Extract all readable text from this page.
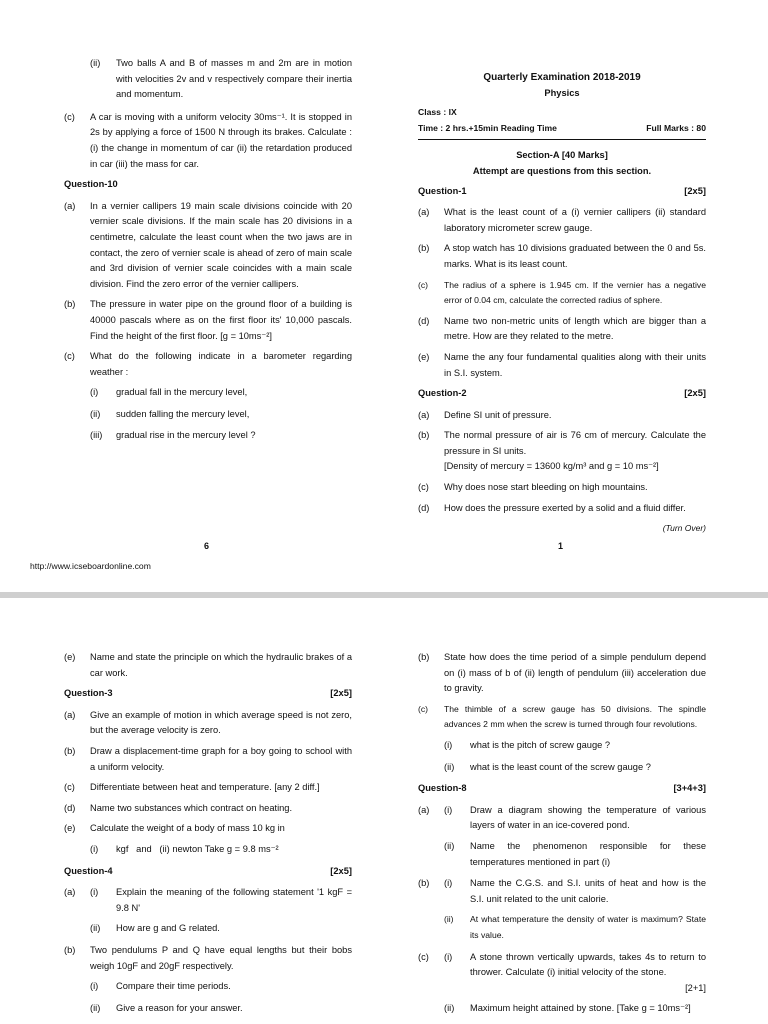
(ii)	Two balls A and B of masses m and 2m are in motion with velocities 2v and v respectively compare their inertia and momentum.
(c)	A car is moving with a uniform velocity 30ms⁻¹. It is stopped in 2s by applying a force of 1500 N through its brakes. Calculate : (i) the change in momentum of car (ii) the retardation produced in car (iii) the mass for car.
Question-10
(a)	In a vernier callipers 19 main scale divisions coincide with 20 vernier scale divisions. If the main scale has 20 divisions in a centimetre, calculate the least count when the two jaws are in contact, the zero of vernier scale is ahead of zero of main scale and 3rd division of vernier scale coincides with a main scale division. Find the zero error of the vernier callipers.
(b)	The pressure in water pipe on the ground floor of a building is 40000 pascals where as on the first floor its' 10,000 pascals. Find the height of the first floor. [g = 10ms⁻²]
(c)	What do the following indicate in a barometer regarding weather :
(i)	gradual fall in the mercury level,
(ii)	sudden falling the mercury level,
(iii)	gradual rise in the mercury level ?
6
http://www.icseboardonline.com
Quarterly Examination 2018-2019
Physics
Class : IX
Time : 2 hrs.+15min Reading Time	Full Marks : 80
Section-A [40 Marks]
Attempt are questions from this section.
Question-1	[2x5]
(a)	What is the least count of a (i) vernier callipers (ii) standard laboratory micrometer screw gauge.
(b)	A stop watch has 10 divisions graduated between the 0 and 5s. marks. What is its least count.
(c)	The radius of a sphere is 1.945 cm. If the vernier has a negative error of 0.04 cm, calculate the corrected radius of sphere.
(d)	Name two non-metric units of length which are bigger than a metre. How are they related to the metre.
(e)	Name the any four fundamental qualities along with their units in S.I. system.
Question-2	[2x5]
(a)	Define SI unit of pressure.
(b)	The normal pressure of air is 76 cm of mercury. Calculate the pressure in SI units.
[Density of mercury = 13600 kg/m³ and g = 10 ms⁻²]
(c)	Why does nose start bleeding on high mountains.
(d)	How does the pressure exerted by a solid and a fluid differ.
(Turn Over)
1
(e)	Name and state the principle on which the hydraulic brakes of a car work.
Question-3	[2x5]
(a)	Give an example of motion in which average speed is not zero, but the average velocity is zero.
(b)	Draw a displacement-time graph for a boy going to school with a uniform velocity.
(c)	Differentiate between heat and temperature. [any 2 diff.]
(d)	Name two substances which contract on heating.
(e)	Calculate the weight of a body of mass 10 kg in
(i)	kgf   and   (ii) newton Take g = 9.8 ms⁻²
Question-4	[2x5]
(a)	(i)	Explain the meaning of the following statement '1 kgF = 9.8 N'
(ii)	How are g and G related.
(b)	Two pendulums P and Q have equal lengths but their bobs weigh 10gF and 20gF respectively.
(i)	Compare their time periods.
(ii)	Give a reason for your answer.
(b)	State how does the time period of a simple pendulum depend on (i) mass of b of (ii) length of pendulum (iii) acceleration due to gravity.
(c)	The thimble of a screw gauge has 50 divisions. The spindle advances 2 mm when the screw is turned through four revolutions.
(i)	what is the pitch of screw gauge ?
(ii)	what is the least count of the screw gauge ?
Question-8	[3+4+3]
(a)	(i)	Draw a diagram showing the temperature of various layers of water in an ice-covered pond.
(ii)	Name the phenomenon responsible for these temperatures mentioned in part (i)
(b)	(i)	Name the C.G.S. and S.I. units of heat and how is the S.I. unit related to the unit calorie.
(ii)	At what temperature the density of water is maximum? State its value.
(c)	(i)	A stone thrown vertically upwards, takes 4s to return to thrower. Calculate (i) initial velocity of the stone.
[2+1]
(ii)	Maximum height attained by stone. [Take g = 10ms⁻²]
